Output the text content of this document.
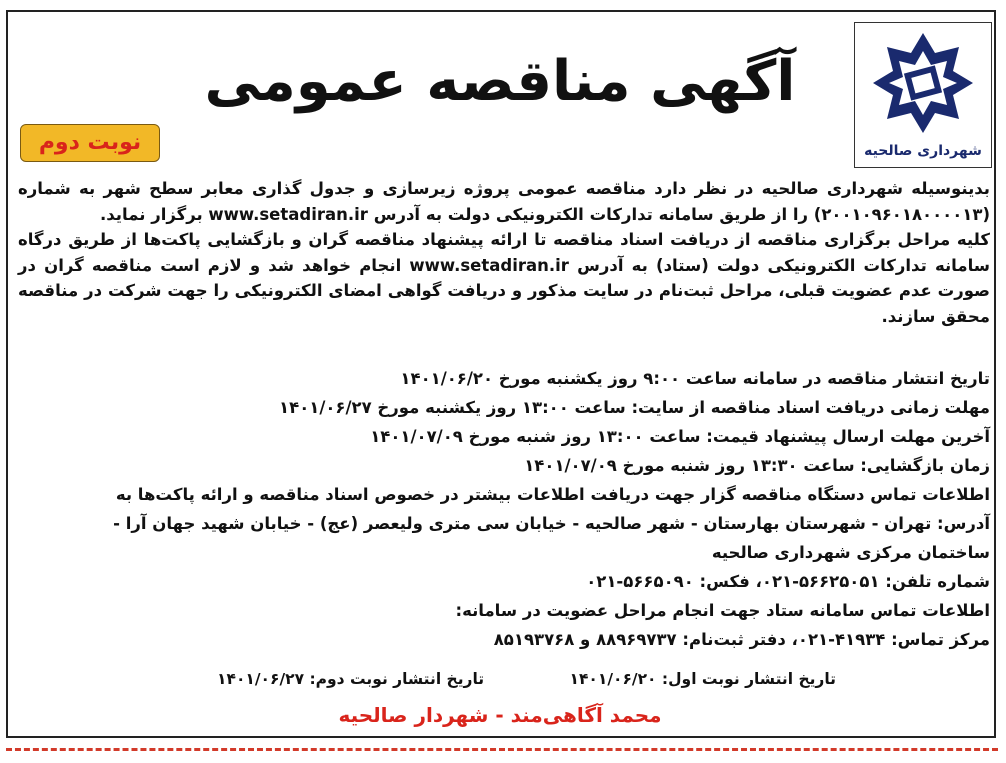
شهرداری صالحیه
آگهی مناقصه عمومی
نوبت دوم

بدینوسیله شهرداری صالحیه در نظر دارد مناقصه عمومی پروژه زیرسازی و جدول گذاری معابر سطح شهر به شماره (۲۰۰۱۰۹۶۰۱۸۰۰۰۰۱۳) را از طریق سامانه تدارکات الکترونیکی دولت به آدرس www.setadiran.ir برگزار نماید.

کلیه مراحل برگزاری مناقصه از دریافت اسناد مناقصه تا ارائه پیشنهاد مناقصه گران و بازگشایی پاکت‌ها از طریق درگاه سامانه تدارکات الکترونیکی دولت (ستاد) به آدرس www.setadiran.ir انجام خواهد شد و لازم است مناقصه گران در صورت عدم عضویت قبلی، مراحل ثبت‌نام در سایت مذکور و دریافت گواهی امضای الکترونیکی را جهت شرکت در مناقصه محقق سازند.

تاریخ انتشار مناقصه در سامانه ساعت ۹:۰۰ روز یکشنبه مورخ ۱۴۰۱/۰۶/۲۰
مهلت زمانی دریافت اسناد مناقصه از سایت: ساعت ۱۳:۰۰ روز یکشنبه مورخ ۱۴۰۱/۰۶/۲۷
آخرین مهلت ارسال پیشنهاد قیمت: ساعت ۱۳:۰۰ روز شنبه مورخ ۱۴۰۱/۰۷/۰۹
زمان بازگشایی: ساعت ۱۳:۳۰ روز شنبه مورخ ۱۴۰۱/۰۷/۰۹
اطلاعات تماس دستگاه مناقصه گزار جهت دریافت اطلاعات بیشتر در خصوص اسناد مناقصه و ارائه پاکت‌ها به
آدرس: تهران - شهرستان بهارستان - شهر صالحیه - خیابان سی متری ولیعصر (عج) - خیابان شهید جهان آرا -
ساختمان مرکزی شهرداری صالحیه
شماره تلفن: ۵۶۶۲۵۰۵۱-۰۲۱، فکس: ۵۶۶۵۰۹۰-۰۲۱
اطلاعات تماس سامانه ستاد جهت انجام مراحل عضویت در سامانه:
مرکز تماس: ۴۱۹۳۴-۰۲۱، دفتر ثبت‌نام: ۸۸۹۶۹۷۳۷ و ۸۵۱۹۳۷۶۸
تاریخ انتشار نوبت اول: ۱۴۰۱/۰۶/۲۰ تاریخ انتشار نوبت دوم: ۱۴۰۱/۰۶/۲۷
محمد آگاهی‌مند - شهردار صالحیه
